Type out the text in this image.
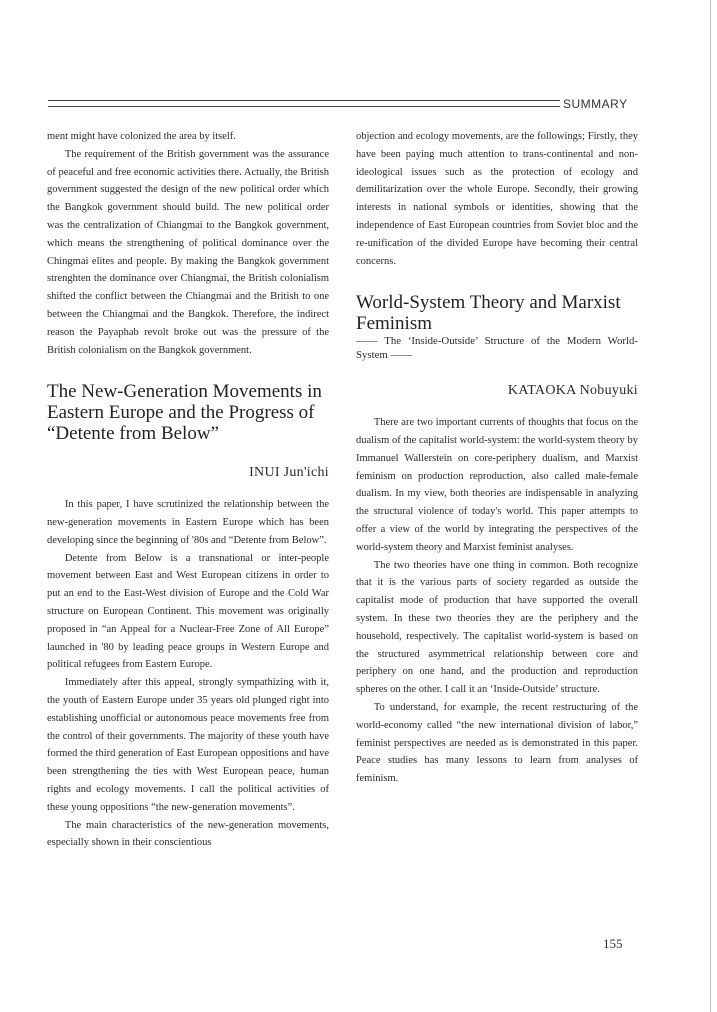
SUMMARY

ment might have colonized the area by itself.

The requirement of the British government was the assurance of peaceful and free economic activities there. Actually, the British government suggested the design of the new political order which the Bangkok government should build. The new political order was the centralization of Chiangmai to the Bangkok government, which means the strengthening of political dominance over the Chingmai elites and people. By making the Bangkok government strenghten the dominance over Chiangmai, the British colonialism shifted the conflict between the Chiangmai and the British to one between the Chiangmai and the Bangkok. Therefore, the indirect reason the Payaphab revolt broke out was the pressure of the British colonialism on the Bangkok government.

The New-Generation Movements in Eastern Europe and the Progress of “Detente from Below”
INUI Jun'ichi

In this paper, I have scrutinized the relationship between the new-generation movements in Eastern Europe which has been developing since the beginning of '80s and “Detente from Below”.

Detente from Below is a transnational or inter-people movement between East and West European citizens in order to put an end to the East-West division of Europe and the Cold War structure on European Continent. This movement was originally proposed in “an Appeal for a Nuclear-Free Zone of All Europe” launched in '80 by leading peace groups in Western Europe and political refugees from Eastern Europe.

Immediately after this appeal, strongly sympathizing with it, the youth of Eastern Europe under 35 years old plunged right into establishing unofficial or autonomous peace movements free from the control of their governments. The majority of these youth have formed the third generation of East European oppositions and have been strengthening the ties with West European peace, human rights and ecology movements. I call the political activities of these young oppositions “the new-generation movements”.

The main characteristics of the new-generation movements, especially shown in their conscientious

objection and ecology movements, are the followings; Firstly, they have been paying much attention to trans-continental and non-ideological issues such as the protection of ecology and demilitarization over the whole Europe. Secondly, their growing interests in national symbols or identities, showing that the independence of East European countries from Soviet bloc and the re-unification of the divided Europe have becoming their central concerns.

World-System Theory and Marxist Feminism

—— The ‘Inside-Outside’ Structure of the Modern World-System ——

KATAOKA Nobuyuki

There are two important currents of thoughts that focus on the dualism of the capitalist world-system: the world-system theory by Immanuel Wallerstein on core-periphery dualism, and Marxist feminism on production reproduction, also called male-female dualism. In my view, both theories are indispensable in analyzing the structural violence of today's world. This paper attempts to offer a view of the world by integrating the perspectives of the world-system theory and Marxist feminist analyses.

The two theories have one thing in common. Both recognize that it is the various parts of society regarded as outside the capitalist mode of production that have supported the overall system. In these two theories they are the periphery and the household, respectively. The capitalist world-system is based on the structured asymmetrical relationship between core and periphery on one hand, and the production and reproduction spheres on the other. I call it an ‘Inside-Outside’ structure.

To understand, for example, the recent restructuring of the world-economy called “the new international division of labor,” feminist perspectives are needed as is demonstrated in this paper. Peace studies has many lessons to learn from analyses of feminism.

155
